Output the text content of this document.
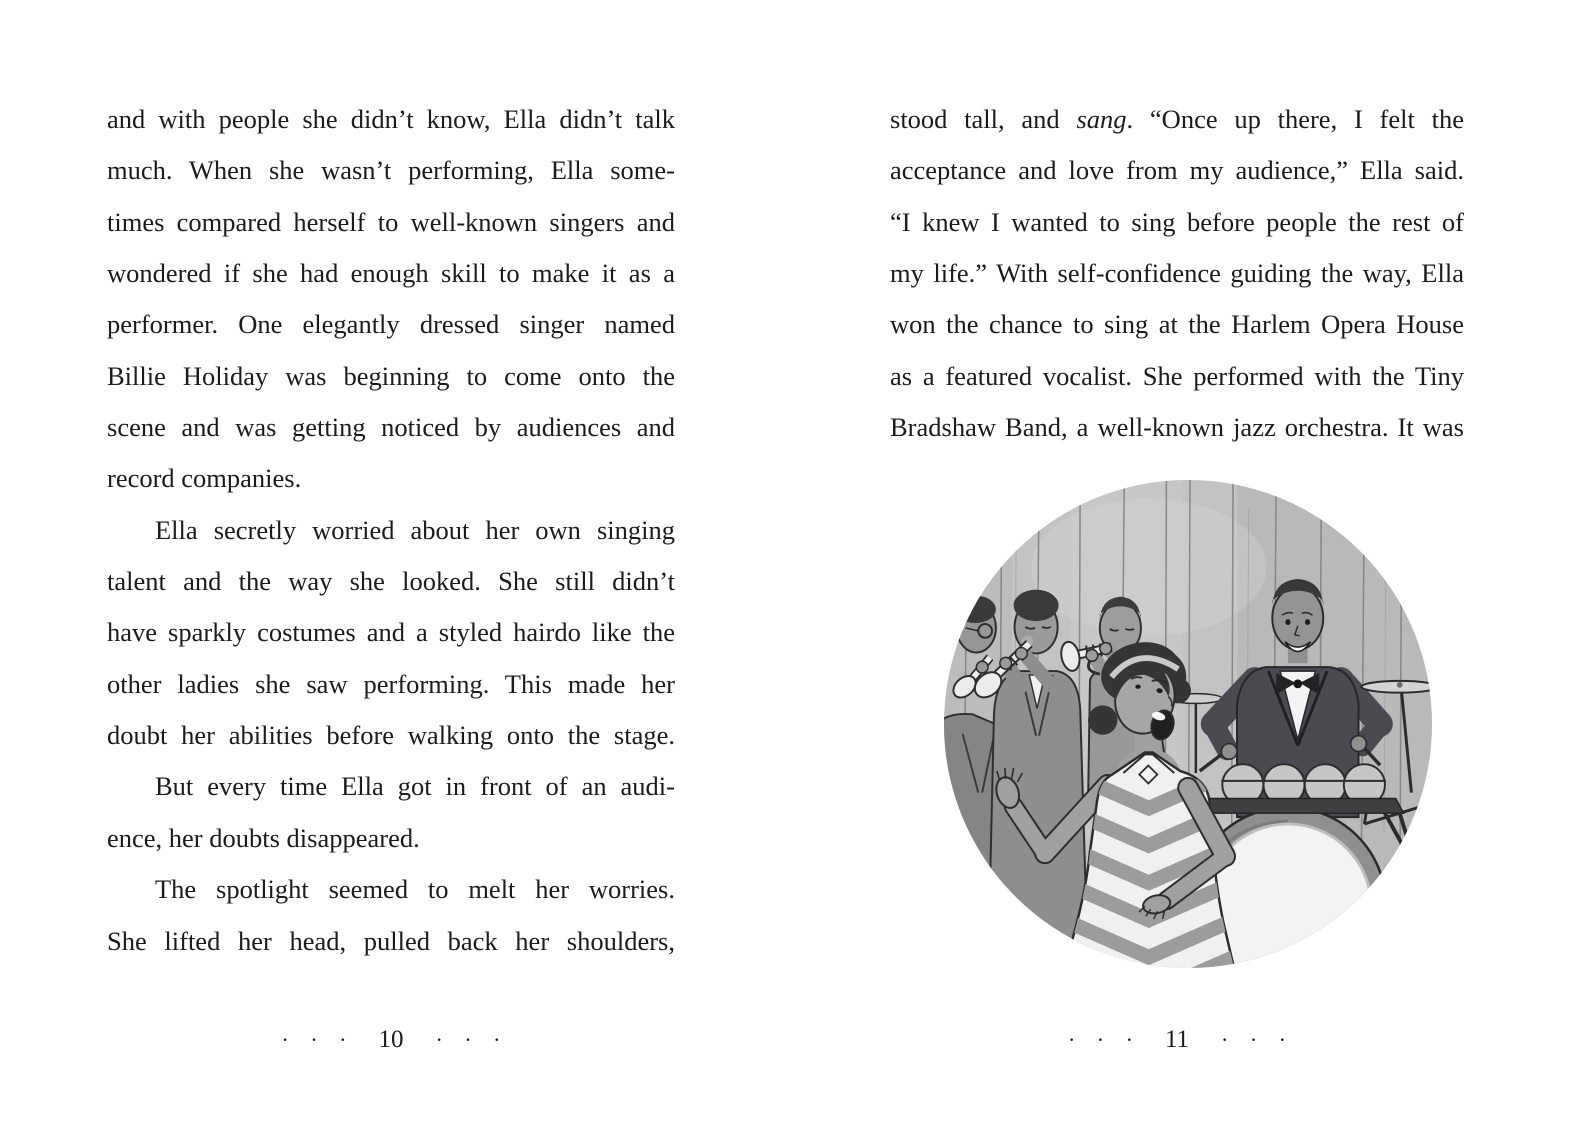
and with people she didn’t know, Ella didn’t talk
much. When she wasn’t performing, Ella some-
times compared herself to well-known singers and
wondered if she had enough skill to make it as a
performer. One elegantly dressed singer named
Billie Holiday was beginning to come onto the
scene and was getting noticed by audiences and
record companies.
Ella secretly worried about her own singing
talent and the way she looked. She still didn’t
have sparkly costumes and a styled hairdo like the
other ladies she saw performing. This made her
doubt her abilities before walking onto the stage.
But every time Ella got in front of an audi-
ence, her doubts disappeared.
The spotlight seemed to melt her worries.
She lifted her head, pulled back her shoulders,
stood tall, and sang. “Once up there, I felt the
acceptance and love from my audience,” Ella said.
“I knew I wanted to sing before people the rest of
my life.” With self-confidence guiding the way, Ella
won the chance to sing at the Harlem Opera House
as a featured vocalist. She performed with the Tiny
Bradshaw Band, a well-known jazz orchestra. It was
· · · 10	· · ·	· · · 11	· · ·
